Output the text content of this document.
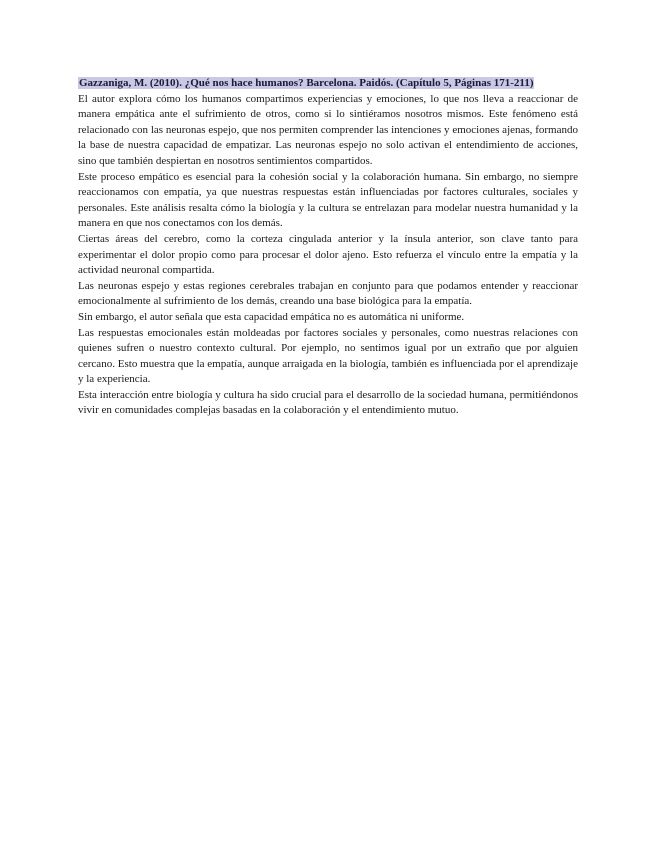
Gazzaniga, M. (2010). ¿Qué nos hace humanos? Barcelona. Paidós. (Capítulo 5, Páginas 171-211)

El autor explora cómo los humanos compartimos experiencias y emociones, lo que nos lleva a reaccionar de manera empática ante el sufrimiento de otros, como si lo sintiéramos nosotros mismos. Este fenómeno está relacionado con las neuronas espejo, que nos permiten comprender las intenciones y emociones ajenas, formando la base de nuestra capacidad de empatizar. Las neuronas espejo no solo activan el entendimiento de acciones, sino que también despiertan en nosotros sentimientos compartidos.

Este proceso empático es esencial para la cohesión social y la colaboración humana. Sin embargo, no siempre reaccionamos con empatía, ya que nuestras respuestas están influenciadas por factores culturales, sociales y personales. Este análisis resalta cómo la biología y la cultura se entrelazan para modelar nuestra humanidad y la manera en que nos conectamos con los demás.

Ciertas áreas del cerebro, como la corteza cingulada anterior y la ínsula anterior, son clave tanto para experimentar el dolor propio como para procesar el dolor ajeno. Esto refuerza el vínculo entre la empatía y la actividad neuronal compartida.

Las neuronas espejo y estas regiones cerebrales trabajan en conjunto para que podamos entender y reaccionar emocionalmente al sufrimiento de los demás, creando una base biológica para la empatía.

Sin embargo, el autor señala que esta capacidad empática no es automática ni uniforme.

Las respuestas emocionales están moldeadas por factores sociales y personales, como nuestras relaciones con quienes sufren o nuestro contexto cultural. Por ejemplo, no sentimos igual por un extraño que por alguien cercano. Esto muestra que la empatía, aunque arraigada en la biología, también es influenciada por el aprendizaje y la experiencia.

Esta interacción entre biología y cultura ha sido crucial para el desarrollo de la sociedad humana, permitiéndonos vivir en comunidades complejas basadas en la colaboración y el entendimiento mutuo.
